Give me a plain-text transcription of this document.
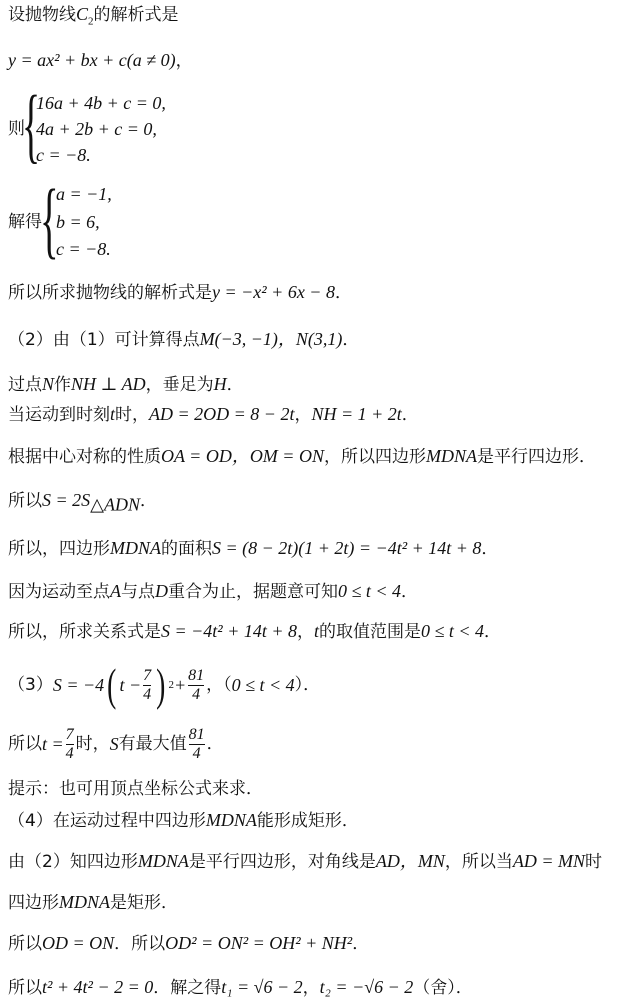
设抛物线$C_2$的解析式是
y = ax² + bx + c(a ≠ 0)，
则
{
16a + 4b + c = 0,
4a + 2b + c = 0,
c = −8.
解得
{
a = −1,
b = 6,
c = −8.
所以所求抛物线的解析式是y = −x² + 6x − 8．
（2）由（1）可计算得点M(−3, −1)，N(3,1)．
过点N作NH ⊥ AD，垂足为H．
当运动到时刻t时，AD = 2OD = 8 − 2t，NH = 1 + 2t．
根据中心对称的性质OA = OD，OM = ON，所以四边形MDNA是平行四边形．
所以$S = 2S_{\triangle ADN}$．
所以，四边形MDNA的面积S = (8 − 2t)(1 + 2t) = −4t² + 14t + 8．
因为运动至点A与点D重合为止，据题意可知0 ≤ t < 4．
所以，所求关系式是S = −4t² + 14t + 8，t的取值范围是0 ≤ t < 4．
（3）S = −4( $t - \frac{7}{4}$ ) $^2+ \frac{81}{4}$ ，（0 ≤ t < 4）．
所以$t = \frac{7}{4}$ 时，S有最大值 $\frac{81}{4}$ ．
提示：也可用顶点坐标公式来求．
（4）在运动过程中四边形MDNA能形成矩形．
由（2）知四边形MDNA是平行四边形，对角线是AD，MN，所以当AD = MN时
四边形MDNA是矩形．
所以OD = ON．所以OD² = ON² = OH² + NH²．
所以t² + 4t² − 2 = 0．解之得t₁ = √6 − 2，t₂ = −√6 − 2（舍）．
